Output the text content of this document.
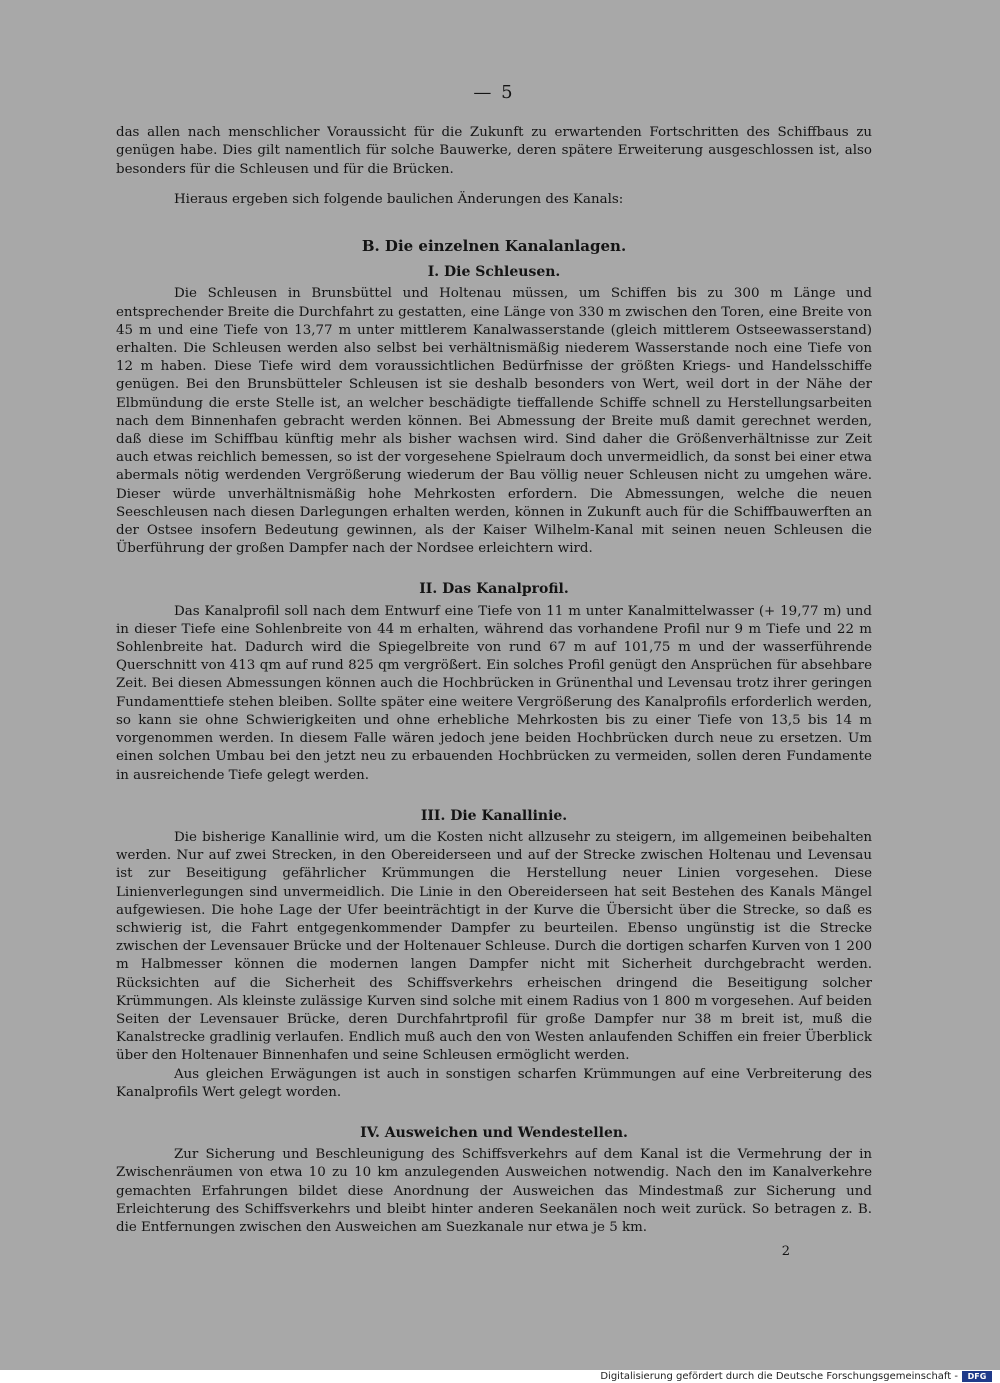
— 5

das allen nach menschlicher Voraussicht für die Zukunft zu erwartenden Fortschritten des Schiffbaus zu genügen habe. Dies gilt namentlich für solche Bauwerke, deren spätere Erweiterung ausgeschlossen ist, also besonders für die Schleusen und für die Brücken.

Hieraus ergeben sich folgende baulichen Änderungen des Kanals:

B. Die einzelnen Kanalanlagen.
I. Die Schleusen.

Die Schleusen in Brunsbüttel und Holtenau müssen, um Schiffen bis zu 300 m Länge und entsprechender Breite die Durchfahrt zu gestatten, eine Länge von 330 m zwischen den Toren, eine Breite von 45 m und eine Tiefe von 13,77 m unter mittlerem Kanalwasserstande (gleich mittlerem Ostseewasserstand) erhalten. Die Schleusen werden also selbst bei verhältnismäßig niederem Wasserstande noch eine Tiefe von 12 m haben. Diese Tiefe wird dem voraussichtlichen Bedürfnisse der größten Kriegs- und Handelsschiffe genügen. Bei den Brunsbütteler Schleusen ist sie deshalb besonders von Wert, weil dort in der Nähe der Elbmündung die erste Stelle ist, an welcher beschädigte tieffallende Schiffe schnell zu Herstellungsarbeiten nach dem Binnenhafen gebracht werden können. Bei Abmessung der Breite muß damit gerechnet werden, daß diese im Schiffbau künftig mehr als bisher wachsen wird. Sind daher die Größenverhältnisse zur Zeit auch etwas reichlich bemessen, so ist der vorgesehene Spielraum doch unvermeidlich, da sonst bei einer etwa abermals nötig werdenden Vergrößerung wiederum der Bau völlig neuer Schleusen nicht zu umgehen wäre. Dieser würde unverhältnismäßig hohe Mehrkosten erfordern. Die Abmessungen, welche die neuen Seeschleusen nach diesen Darlegungen erhalten werden, können in Zukunft auch für die Schiffbauwerften an der Ostsee insofern Bedeutung gewinnen, als der Kaiser Wilhelm-Kanal mit seinen neuen Schleusen die Überführung der großen Dampfer nach der Nordsee erleichtern wird.

II. Das Kanalprofil.

Das Kanalprofil soll nach dem Entwurf eine Tiefe von 11 m unter Kanalmittelwasser (+ 19,77 m) und in dieser Tiefe eine Sohlenbreite von 44 m erhalten, während das vorhandene Profil nur 9 m Tiefe und 22 m Sohlenbreite hat. Dadurch wird die Spiegelbreite von rund 67 m auf 101,75 m und der wasserführende Querschnitt von 413 qm auf rund 825 qm vergrößert. Ein solches Profil genügt den Ansprüchen für absehbare Zeit. Bei diesen Abmessungen können auch die Hochbrücken in Grünenthal und Levensau trotz ihrer geringen Fundamenttiefe stehen bleiben. Sollte später eine weitere Vergrößerung des Kanalprofils erforderlich werden, so kann sie ohne Schwierigkeiten und ohne erhebliche Mehrkosten bis zu einer Tiefe von 13,5 bis 14 m vorgenommen werden. In diesem Falle wären jedoch jene beiden Hochbrücken durch neue zu ersetzen. Um einen solchen Umbau bei den jetzt neu zu erbauenden Hochbrücken zu vermeiden, sollen deren Fundamente in ausreichende Tiefe gelegt werden.

III. Die Kanallinie.

Die bisherige Kanallinie wird, um die Kosten nicht allzusehr zu steigern, im allgemeinen beibehalten werden. Nur auf zwei Strecken, in den Obereiderseen und auf der Strecke zwischen Holtenau und Levensau ist zur Beseitigung gefährlicher Krümmungen die Herstellung neuer Linien vorgesehen. Diese Linienverlegungen sind unvermeidlich. Die Linie in den Obereiderseen hat seit Bestehen des Kanals Mängel aufgewiesen. Die hohe Lage der Ufer beeinträchtigt in der Kurve die Übersicht über die Strecke, so daß es schwierig ist, die Fahrt entgegenkommender Dampfer zu beurteilen. Ebenso ungünstig ist die Strecke zwischen der Levensauer Brücke und der Holtenauer Schleuse. Durch die dortigen scharfen Kurven von 1 200 m Halbmesser können die modernen langen Dampfer nicht mit Sicherheit durchgebracht werden. Rücksichten auf die Sicherheit des Schiffsverkehrs erheischen dringend die Beseitigung solcher Krümmungen. Als kleinste zulässige Kurven sind solche mit einem Radius von 1 800 m vorgesehen. Auf beiden Seiten der Levensauer Brücke, deren Durchfahrtprofil für große Dampfer nur 38 m breit ist, muß die Kanalstrecke gradlinig verlaufen. Endlich muß auch den von Westen anlaufenden Schiffen ein freier Überblick über den Holtenauer Binnenhafen und seine Schleusen ermöglicht werden.

Aus gleichen Erwägungen ist auch in sonstigen scharfen Krümmungen auf eine Verbreiterung des Kanalprofils Wert gelegt worden.

IV. Ausweichen und Wendestellen.

Zur Sicherung und Beschleunigung des Schiffsverkehrs auf dem Kanal ist die Vermehrung der in Zwischenräumen von etwa 10 zu 10 km anzulegenden Ausweichen notwendig. Nach den im Kanalverkehre gemachten Erfahrungen bildet diese Anordnung der Ausweichen das Mindestmaß zur Sicherung und Erleichterung des Schiffsverkehrs und bleibt hinter anderen Seekanälen noch weit zurück. So betragen z. B. die Entfernungen zwischen den Ausweichen am Suezkanale nur etwa je 5 km.

2
Digitalisierung gefördert durch die Deutsche Forschungsgemeinschaft -	DFG
